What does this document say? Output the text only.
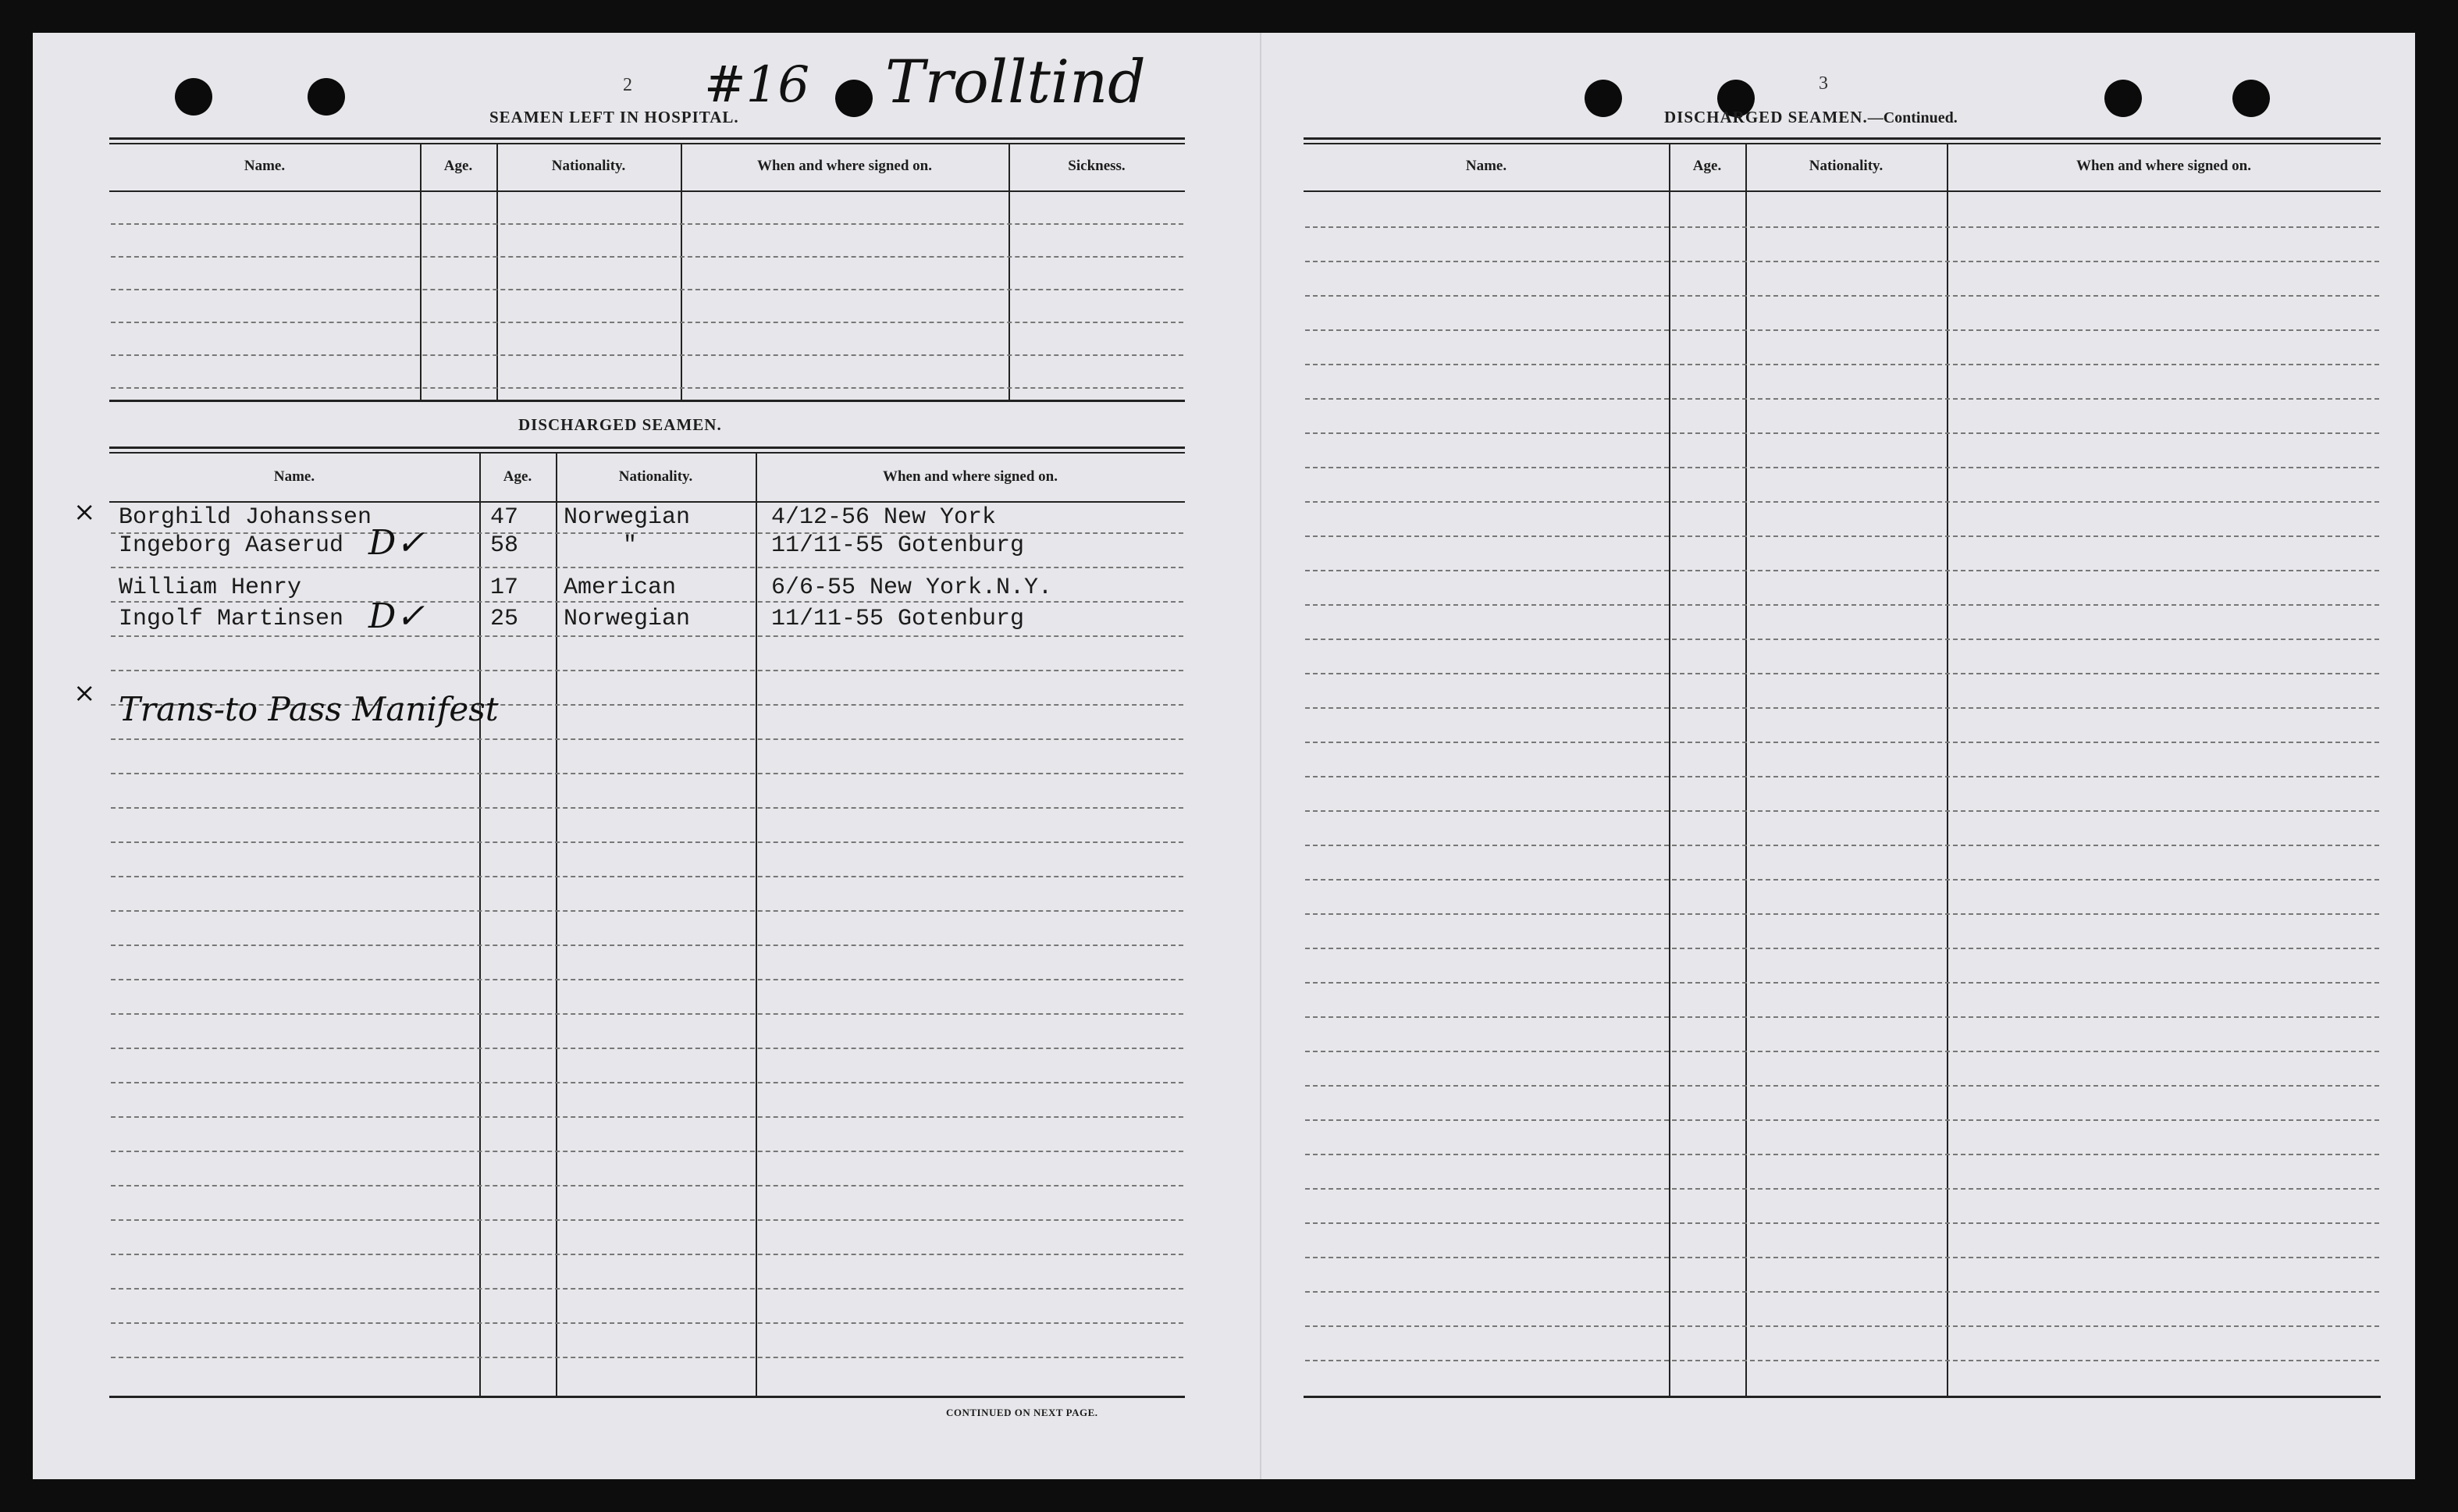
#16 Trolltind
2
SEAMEN LEFT IN HOSPITAL.
Name.	Age.	Nationality.	When and where signed on.	Sickness.
DISCHARGED SEAMEN.
Name.	Age.	Nationality.	When and where signed on.
× Borghild Johanssen	47 Norwegian	4/12-56 New York
Ingeborg Aaserud D✓	58	"	11/11-55 Gotenburg
William Henry	17 American	6/6-55 New York.N.Y.
Ingolf Martinsen D✓	25 Norwegian	11/11-55 Gotenburg
× Trans-to Pass Manifest
CONTINUED ON NEXT PAGE.
3
DISCHARGED SEAMEN.—Continued.
Name.	Age.	Nationality.	When and where signed on.
